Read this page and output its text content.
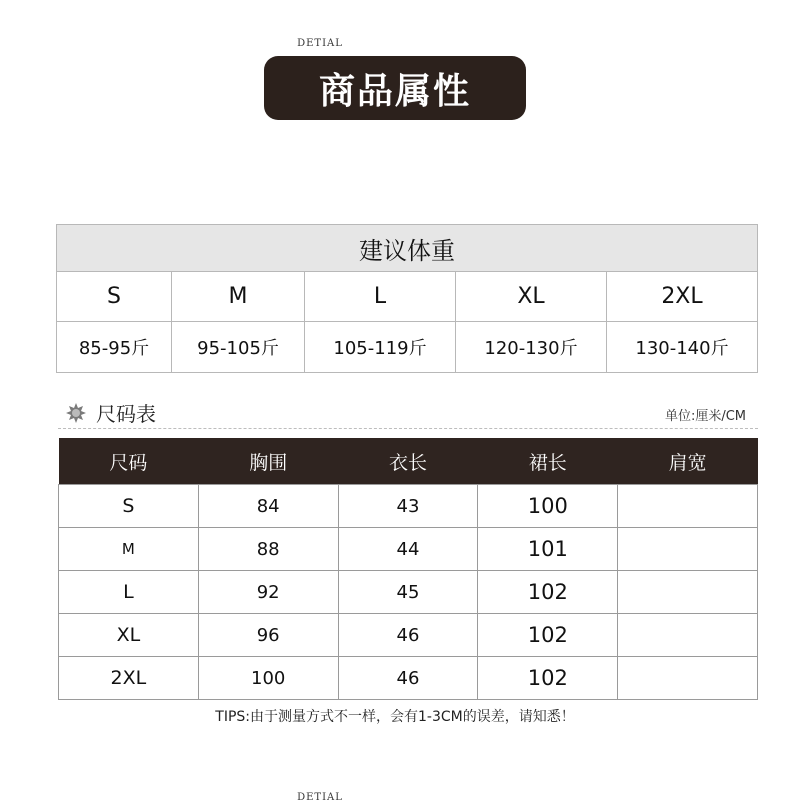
DETIAL
商品属性
建议体重				
S	M	L	XL	2XL
85-95斤	95-105斤	105-119斤	120-130斤	130-140斤
尺码表	单位:厘米/CM
尺码	胸围	衣长	裙长	肩宽
S	84	43	100	
M	88	44	101	
L	92	45	102	
XL	96	46	102	
2XL	100	46	102	
TIPS:由于测量方式不一样，会有1-3CM的误差，请知悉！
DETIAL
